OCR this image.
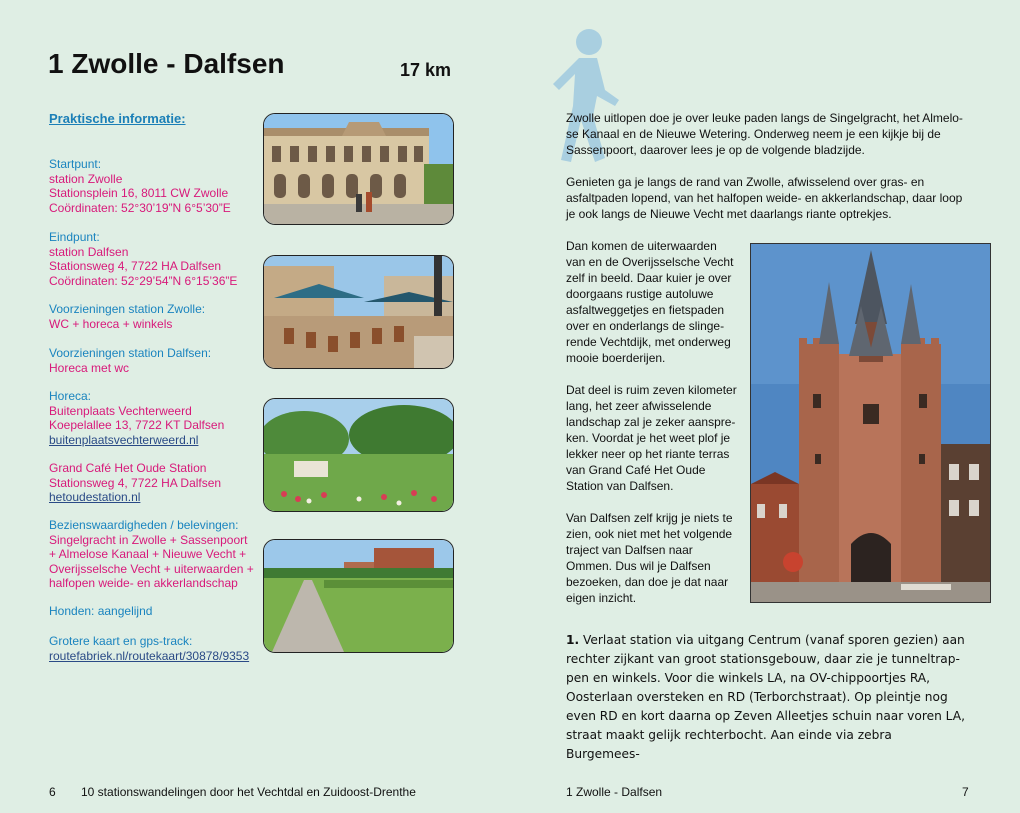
1 Zwolle - Dalfsen	17 km
Praktische informatie:
Startpunt:
station Zwolle
Stationsplein 16, 8011 CW Zwolle
Coördinaten: 52°30’19”N 6°5’30”E
Eindpunt:
station Dalfsen
Stationsweg 4, 7722 HA Dalfsen
Coördinaten: 52°29’54”N 6°15’36”E
Voorzieningen station Zwolle:
WC + horeca + winkels
Voorzieningen station Dalfsen:
Horeca met wc
Horeca:
Buitenplaats Vechterweerd
Koepelallee 13, 7722 KT Dalfsen
buitenplaatsvechterweerd.nl
Grand Café Het Oude Station
Stationsweg 4, 7722 HA Dalfsen
hetoudestation.nl
Bezienswaardigheden / belevingen:
Singelgracht in Zwolle + Sassenpoort
+ Almelose Kanaal + Nieuwe Vecht +
Overijsselsche Vecht + uiterwaarden +
halfopen weide- en akkerlandschap
Honden: aangelijnd
Grotere kaart en gps-track:
routefabriek.nl/routekaart/30878/9353
Zwolle uitlopen doe je over leuke paden langs de Singelgracht, het Almelo-
se Kanaal en de Nieuwe Wetering. Onderweg neem je een kijkje bij de
Sassenpoort, daarover lees je op de volgende bladzijde.
Genieten ga je langs de rand van Zwolle, afwisselend over gras- en
asfaltpaden lopend, van het halfopen weide- en akkerlandschap, daar loop
je ook langs de Nieuwe Vecht met daarlangs riante optrekjes.
Dan komen de uiterwaarden
van en de Overijsselsche Vecht
zelf in beeld. Daar kuier je over
doorgaans rustige autoluwe
asfaltweggetjes en fietspaden
over en onderlangs de slinge-
rende Vechtdijk, met onderweg
mooie boerderijen.
Dat deel is ruim zeven kilometer
lang, het zeer afwisselende
landschap zal je zeker aanspre-
ken. Voordat je het weet plof je
lekker neer op het riante terras
van Grand Café Het Oude
Station van Dalfsen.
Van Dalfsen zelf krijg je niets te
zien, ook niet met het volgende
traject van Dalfsen naar
Ommen. Dus wil je Dalfsen
bezoeken, dan doe je dat naar
eigen inzicht.
1. Verlaat station via uitgang Centrum (vanaf sporen gezien) aan
rechter zijkant van groot stationsgebouw, daar zie je tunneltrap-
pen en winkels. Voor die winkels LA, na OV-chippoortjes RA,
Oosterlaan oversteken en RD (Terborchstraat). Op pleintje nog
even RD en kort daarna op Zeven Alleetjes schuin naar voren LA,
straat maakt gelijk rechterbocht. Aan einde via zebra Burgemees-
6 10 stationswandelingen door het Vechtdal en Zuidoost-Drenthe	1 Zwolle - Dalfsen	7
